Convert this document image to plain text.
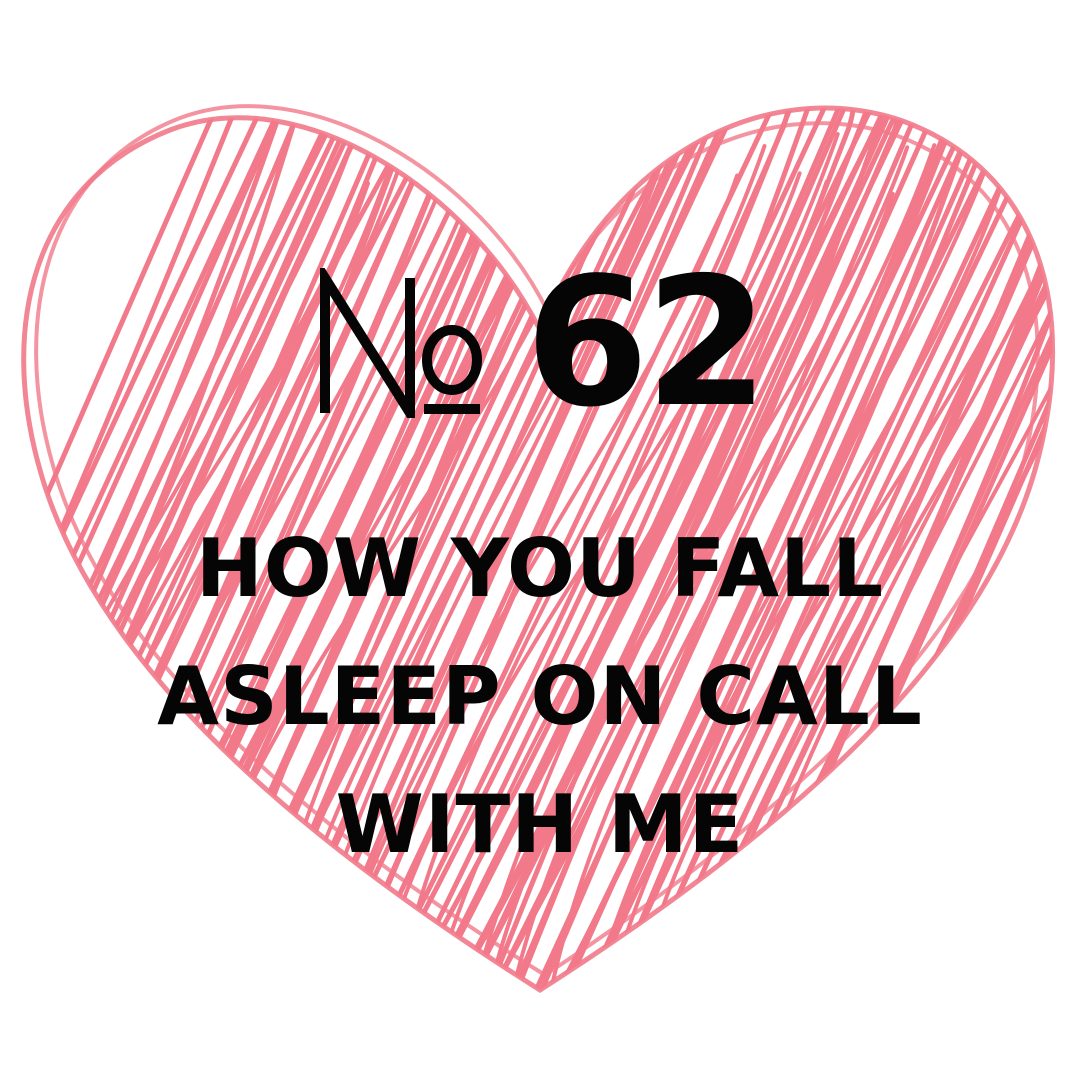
62
HOW YOU FALL
ASLEEP ON CALL
WITH ME
